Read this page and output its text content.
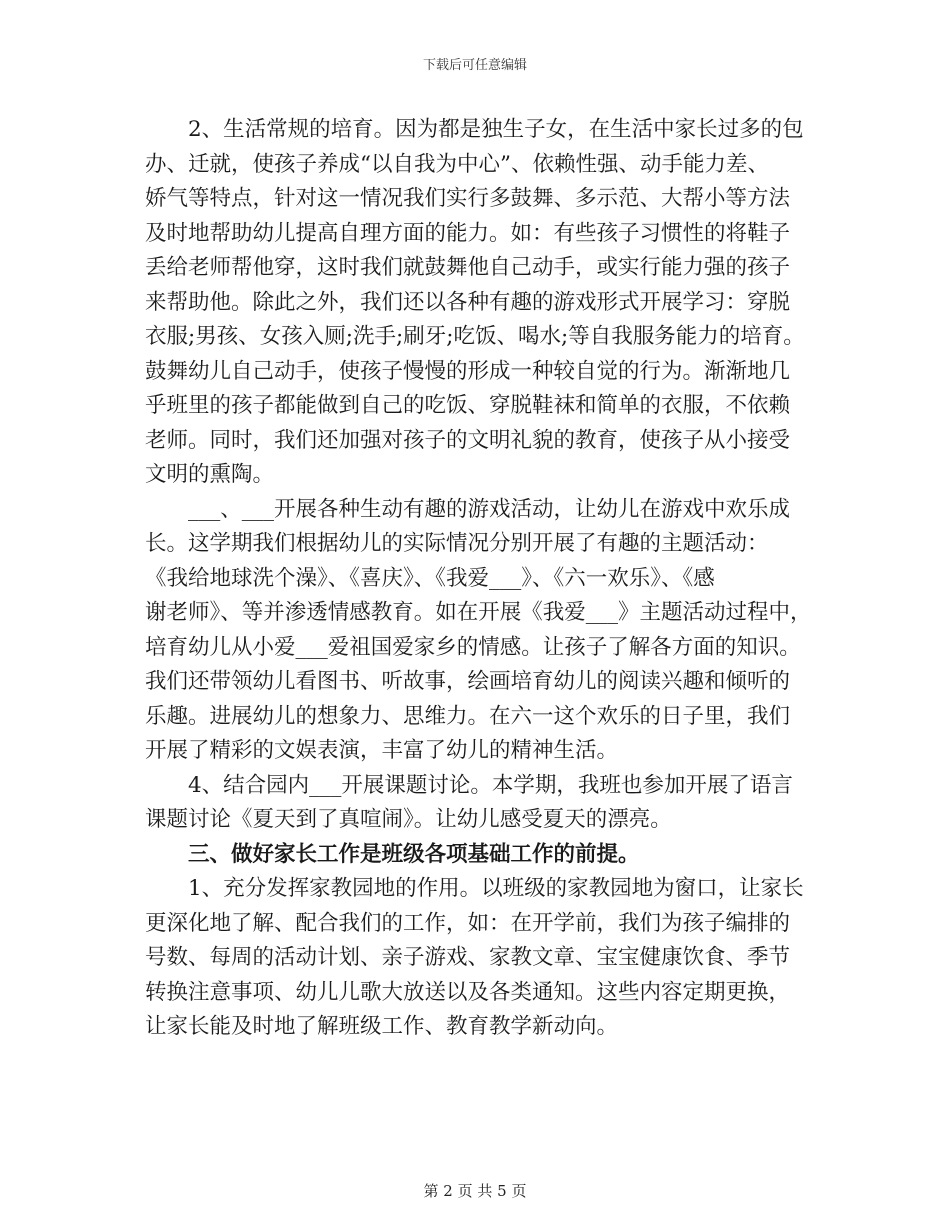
下载后可任意编辑
2、生活常规的培育。因为都是独生子女，在生活中家长过多的包
办、迁就，使孩子养成“以自我为中心”、依赖性强、动手能力差、
娇气等特点，针对这一情况我们实行多鼓舞、多示范、大帮小等方法
及时地帮助幼儿提高自理方面的能力。如：有些孩子习惯性的将鞋子
丢给老师帮他穿，这时我们就鼓舞他自己动手，或实行能力强的孩子
来帮助他。除此之外，我们还以各种有趣的游戏形式开展学习：穿脱
衣服;男孩、女孩入厕;洗手;刷牙;吃饭、喝水;等自我服务能力的培育。
鼓舞幼儿自己动手，使孩子慢慢的形成一种较自觉的行为。渐渐地几
乎班里的孩子都能做到自己的吃饭、穿脱鞋袜和简单的衣服，不依赖
老师。同时，我们还加强对孩子的文明礼貌的教育，使孩子从小接受
文明的熏陶。
___、___开展各种生动有趣的游戏活动，让幼儿在游戏中欢乐成
长。这学期我们根据幼儿的实际情况分别开展了有趣的主题活动：
《我给地球洗个澡》、《喜庆》、《我爱___》、《六一欢乐》、《感
谢老师》、等并渗透情感教育。如在开展《我爱___》主题活动过程中，
培育幼儿从小爱___爱祖国爱家乡的情感。让孩子了解各方面的知识。
我们还带领幼儿看图书、听故事，绘画培育幼儿的阅读兴趣和倾听的
乐趣。进展幼儿的想象力、思维力。在六一这个欢乐的日子里，我们
开展了精彩的文娱表演，丰富了幼儿的精神生活。
4、结合园内___开展课题讨论。本学期，我班也参加开展了语言
课题讨论《夏天到了真喧闹》。让幼儿感受夏天的漂亮。
三、做好家长工作是班级各项基础工作的前提。
1、充分发挥家教园地的作用。以班级的家教园地为窗口，让家长
更深化地了解、配合我们的工作，如：在开学前，我们为孩子编排的
号数、每周的活动计划、亲子游戏、家教文章、宝宝健康饮食、季节
转换注意事项、幼儿儿歌大放送以及各类通知。这些内容定期更换，
让家长能及时地了解班级工作、教育教学新动向。
第 2 页 共 5 页
